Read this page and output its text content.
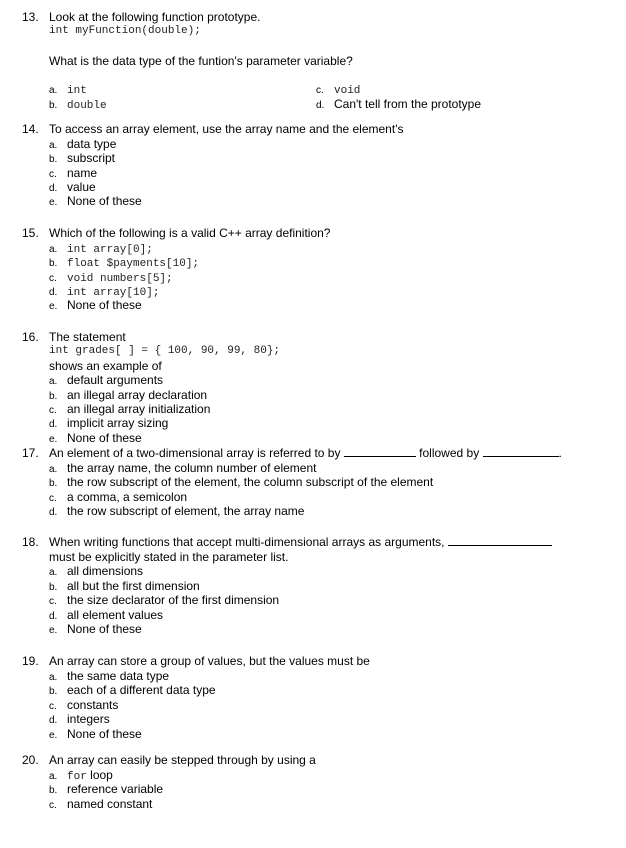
13. Look at the following function prototype.
int myFunction(double);
What is the data type of the funtion's parameter variable?
a. int
b. double
c. void
d. Can't tell from the prototype
14. To access an array element, use the array name and the element's
a. data type
b. subscript
c. name
d. value
e. None of these
15. Which of the following is a valid C++ array definition?
a. int array[0];
b. float $payments[10];
c. void numbers[5];
d. int array[10];
e. None of these
16. The statement
int grades[ ] = { 100, 90, 99, 80};
shows an example of
a. default arguments
b. an illegal array declaration
c. an illegal array initialization
d. implicit array sizing
e. None of these
17. An element of a two-dimensional array is referred to by	followed by	.
a. the array name, the column number of element
b. the row subscript of the element, the column subscript of the element
c. a comma, a semicolon
d. the row subscript of element, the array name
18. When writing functions that accept multi-dimensional arrays as arguments,
must be explicitly stated in the parameter list.
a. all dimensions
b. all but the first dimension
c. the size declarator of the first dimension
d. all element values
e. None of these
19. An array can store a group of values, but the values must be
a. the same data type
b. each of a different data type
c. constants
d. integers
e. None of these
20. An array can easily be stepped through by using a
a. for loop
b. reference variable
c. named constant
